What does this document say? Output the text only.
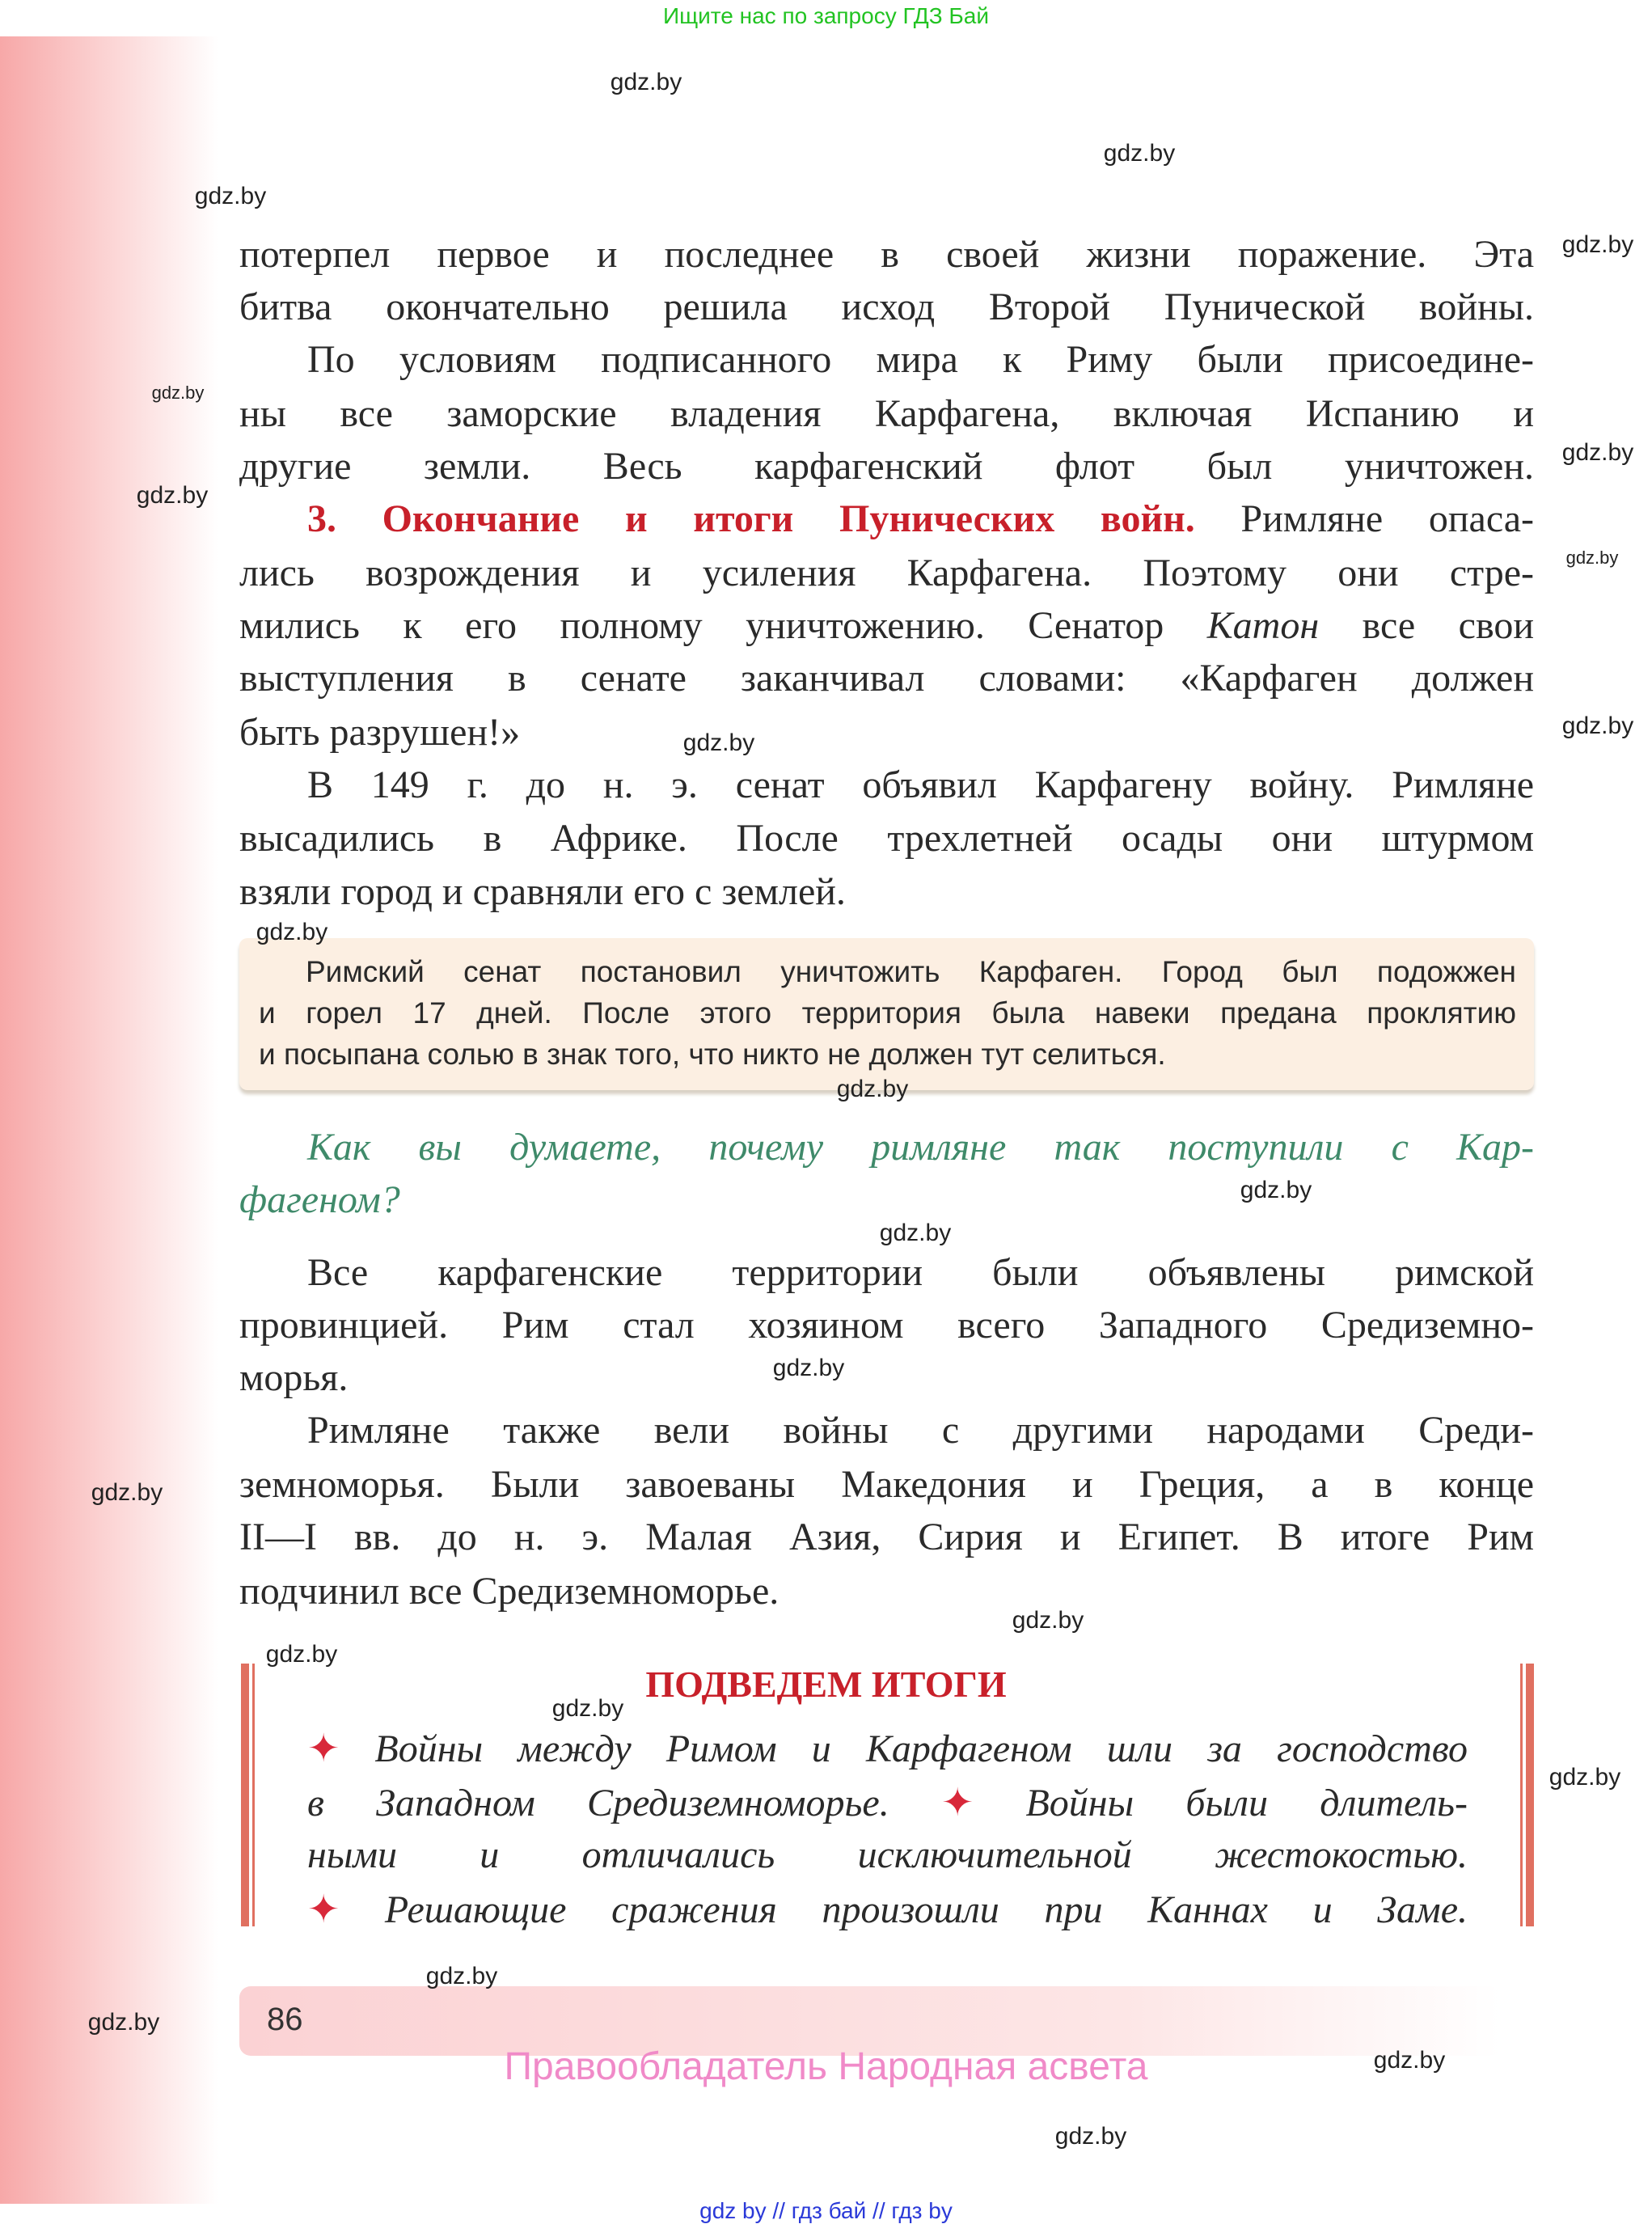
Ищите нас по запросу ГДЗ Бай
потерпел первое и последнее в своей жизни поражение. Эта
битва окончательно решила исход Второй Пунической войны.
По условиям подписанного мира к Риму были присоедине-
ны все заморские владения Карфагена, включая Испанию и
другие земли. Весь карфагенский флот был уничтожен.
3. Окончание и итоги Пунических войн. Римляне опаса-
лись возрождения и усиления Карфагена. Поэтому они стре-
мились к его полному уничтожению. Сенатор Катон все свои
выступления в сенате заканчивал словами: «Карфаген должен
быть разрушен!»
В 149 г. до н. э. сенат объявил Карфагену войну. Римляне
высадились в Африке. После трехлетней осады они штурмом
взяли город и сравняли его с землей.
Римский сенат постановил уничтожить Карфаген. Город был подожжен
и горел 17 дней. После этого территория была навеки предана проклятию
и посыпана солью в знак того, что никто не должен тут селиться.
Как вы думаете, почему римляне так поступили с Кар-
фагеном?
Все карфагенские территории были объявлены римской
провинцией. Рим стал хозяином всего Западного Средиземно-
морья.
Римляне также вели войны с другими народами Среди-
земноморья. Были завоеваны Македония и Греция, а в конце
II—I вв. до н. э. Малая Азия, Сирия и Египет. В итоге Рим
подчинил все Средиземноморье.
ПОДВЕДЕМ ИТОГИ
✦ Войны между Римом и Карфагеном шли за господство
в Западном Средиземноморье. ✦ Войны были длитель-
ными и отличались исключительной жестокостью.
✦ Решающие сражения произошли при Каннах и Заме.
86
Правообладатель Народная асвета
gdz.by
gdz.by
gdz.by
gdz.by
gdz.by
gdz.by
gdz.by
gdz.by
gdz.by
gdz.by
gdz.by
gdz.by
gdz.by
gdz.by
gdz.by
gdz.by
gdz.by
gdz.by
gdz.by
gdz.by
gdz.by
gdz.by
gdz.by
gdz.by
gdz by // гдз бай // гдз by
